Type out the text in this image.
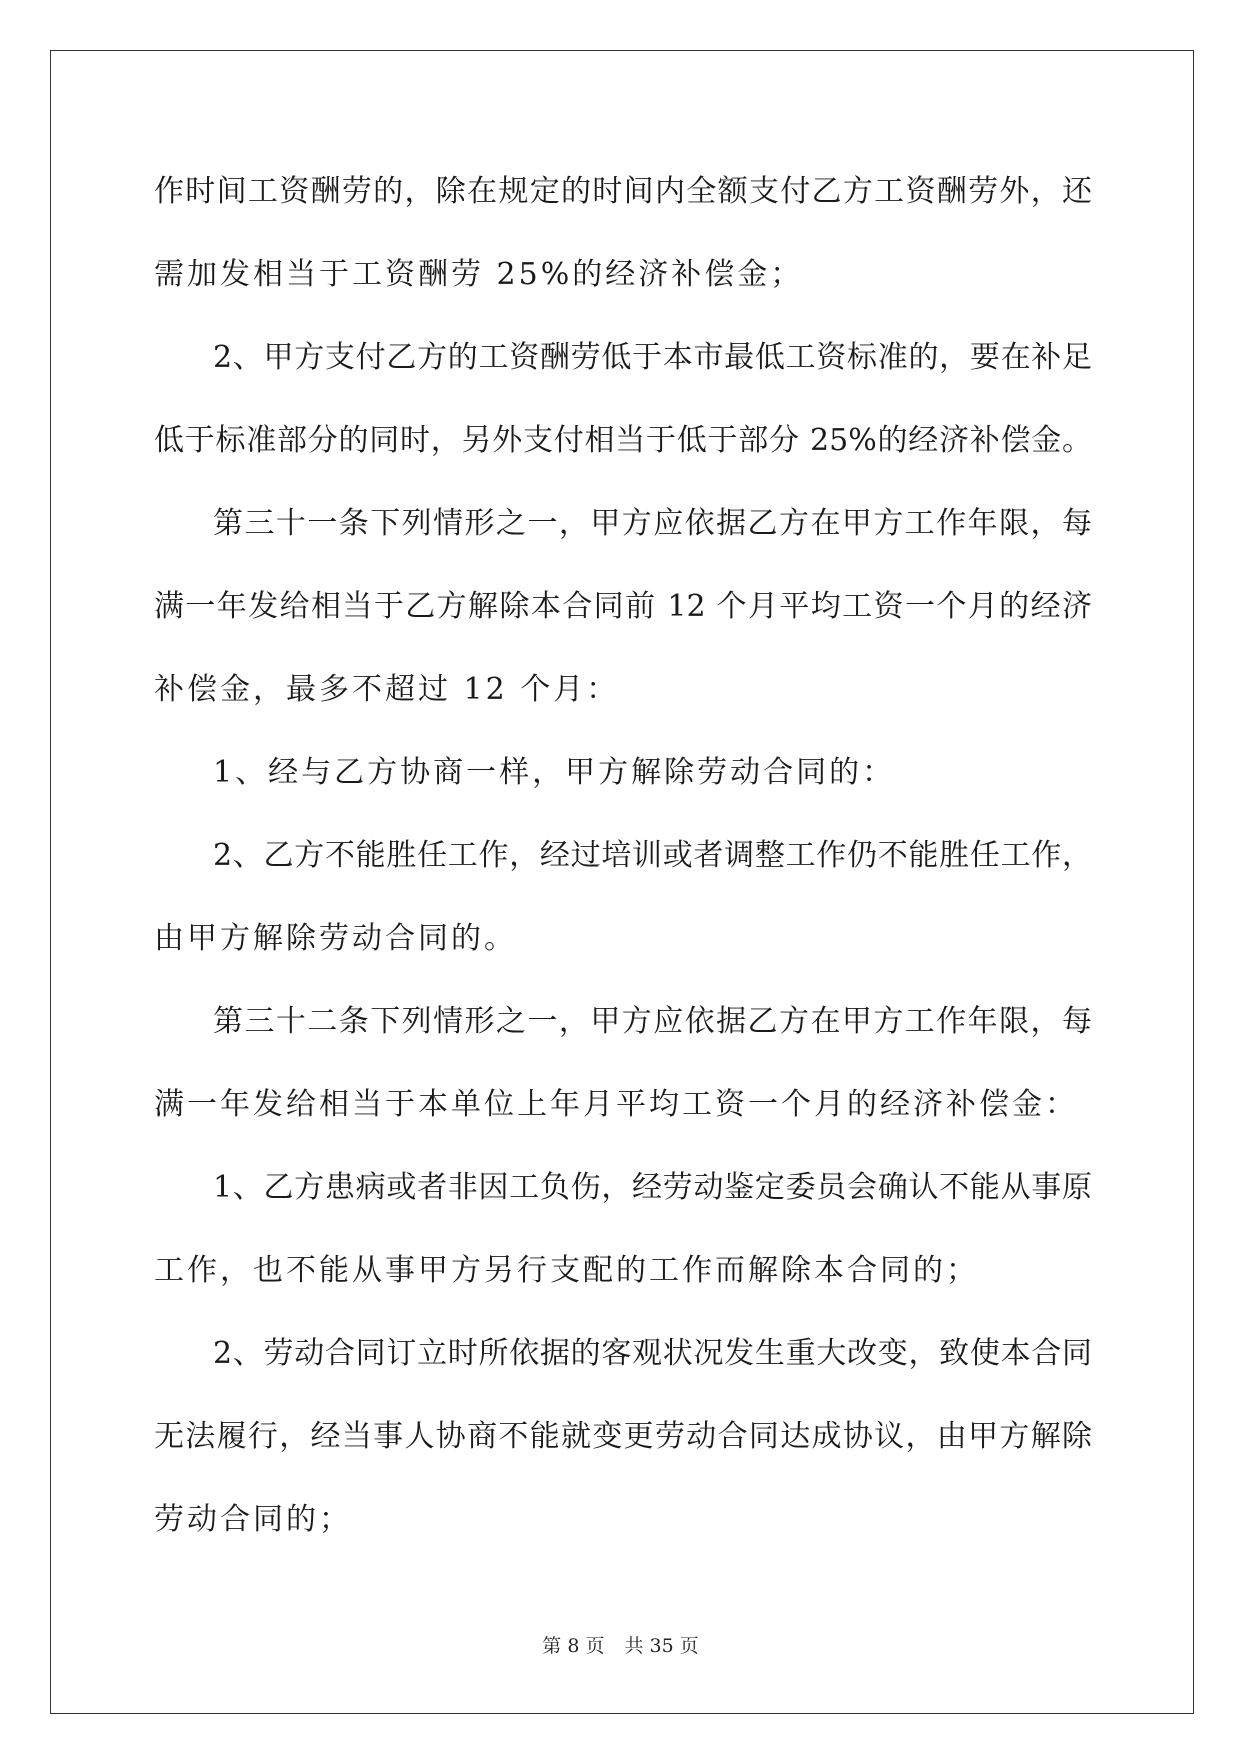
作时间工资酬劳的，除在规定的时间内全额支付乙方工资酬劳外，还
需加发相当于工资酬劳 25%的经济补偿金；
2、甲方支付乙方的工资酬劳低于本市最低工资标准的，要在补足
低于标准部分的同时，另外支付相当于低于部分 25%的经济补偿金。
第三十一条下列情形之一，甲方应依据乙方在甲方工作年限，每
满一年发给相当于乙方解除本合同前 12 个月平均工资一个月的经济
补偿金，最多不超过 12 个月：
1、经与乙方协商一样，甲方解除劳动合同的：
2、乙方不能胜任工作，经过培训或者调整工作仍不能胜任工作，
由甲方解除劳动合同的。
第三十二条下列情形之一，甲方应依据乙方在甲方工作年限，每
满一年发给相当于本单位上年月平均工资一个月的经济补偿金：
1、乙方患病或者非因工负伤，经劳动鉴定委员会确认不能从事原
工作，也不能从事甲方另行支配的工作而解除本合同的；
2、劳动合同订立时所依据的客观状况发生重大改变，致使本合同
无法履行，经当事人协商不能就变更劳动合同达成协议，由甲方解除
劳动合同的；
第 8 页 共 35 页
